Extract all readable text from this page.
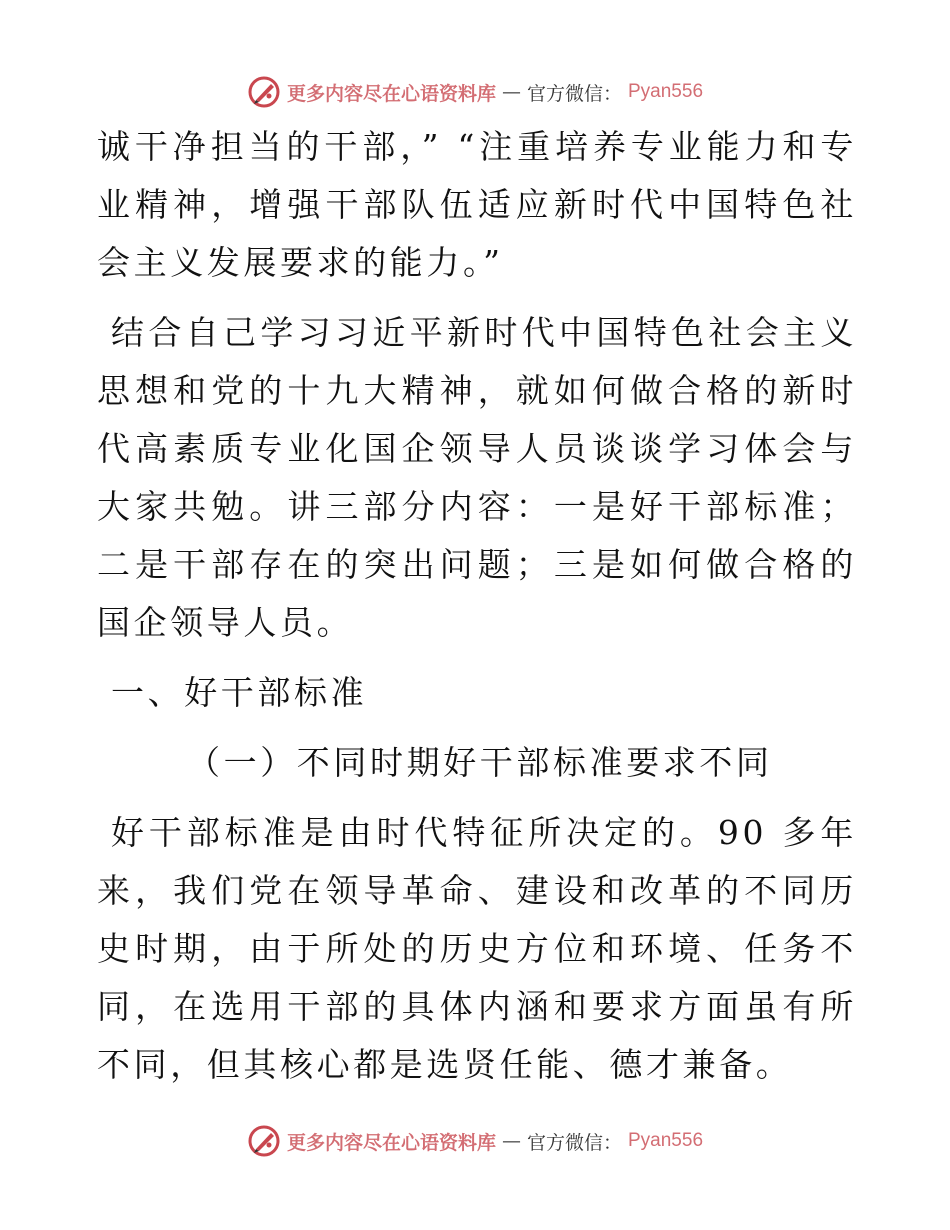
更多内容尽在心语资料库 — 官方微信： Pyan556

诚干净担当的干部，” “注重培养专业能力和专业精神，增强干部队伍适应新时代中国特色社会主义发展要求的能力。”

结合自己学习习近平新时代中国特色社会主义思想和党的十九大精神，就如何做合格的新时代高素质专业化国企领导人员谈谈学习体会与大家共勉。讲三部分内容：一是好干部标准；二是干部存在的突出问题；三是如何做合格的国企领导人员。

一、好干部标准

（一）不同时期好干部标准要求不同

好干部标准是由时代特征所决定的。90 多年来，我们党在领导革命、建设和改革的不同历史时期，由于所处的历史方位和环境、任务不同，在选用干部的具体内涵和要求方面虽有所不同，但其核心都是选贤任能、德才兼备。

更多内容尽在心语资料库 — 官方微信： Pyan556
